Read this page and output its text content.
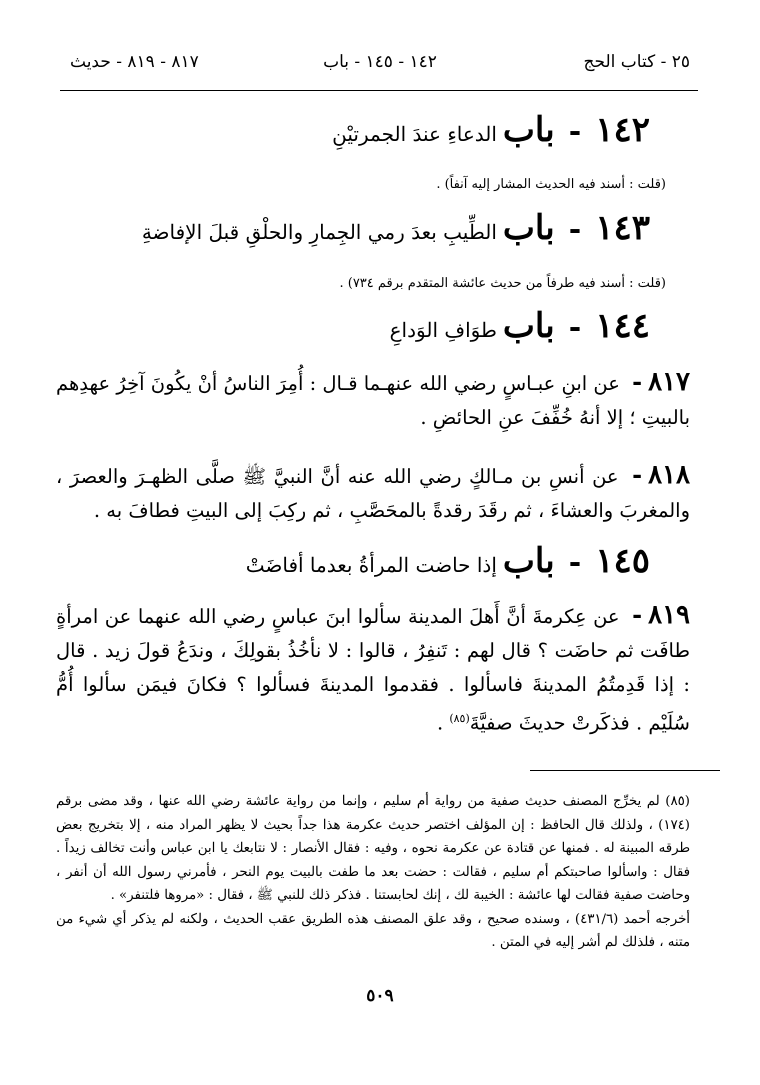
٢٥ - كتاب الحج
١٤٢ - ١٤٥ - باب
٨١٧ - ٨١٩ - حديث
١٤٢
-
باب
الدعاءِ عندَ الجمرتيْنِ
(قلت : أسند فيه الحديث المشار إليه آنفاً) .
١٤٣
-
باب
الطِّيبِ بعدَ رمي الجِمارِ والحلْقِ قبلَ الإفاضةِ
(قلت : أسند فيه طرفاً من حديث عائشة المتقدم برقم ٧٣٤) .
١٤٤
-
باب
طوَافِ الوَداعِ
٨١٧- عن ابنِ عبـاسٍ رضي الله عنهـما قـال : أُمِرَ الناسُ أنْ يكُونَ آخِرُ عهدِهم بالبيتِ ؛ إلا أنهُ خُفِّفَ عنِ الحائضِ .
٨١٨- عن أنسِ بن مـالكٍ رضي الله عنه أنَّ النبيَّ ﷺ صلَّى الظهـرَ والعصرَ ، والمغربَ والعشاءَ ، ثم رقَدَ رقدةً بالمحَصَّبِ ، ثم ركِبَ إلى البيتِ فطافَ به .
١٤٥
-
باب
إذا حاضت المرأةُ بعدما أفاضَتْ
٨١٩- عن عِكرمةَ أنَّ أَهلَ المدينة سألوا ابنَ عباسٍ رضي الله عنهما عن امرأةٍ طافَت ثم حاضَت ؟ قال لهم : تَنفِرُ ، قالوا : لا نأخُذُ بقولِكَ ، وندَعُ قولَ زيد . قال : إذا قَدِمتُمُ المدينةَ فاسألوا . فقدموا المدينةَ فسألوا ؟ فكانَ فيمَن سألوا أُمُّ سُلَيْم . فذكَرتْ حديثَ صفيَّةَ$^{(٨٥)}$ .

(٨٥) لم يخرِّج المصنف حديث صفية من رواية أم سليم ، وإنما من رواية عائشة رضي الله عنها ، وقد مضى برقم (١٧٤) ، ولذلك قال الحافظ : إن المؤلف اختصر حديث عكرمة هذا جداً بحيث لا يظهر المراد منه ، إلا بتخريج بعض طرقه المبينة له . فمنها عن قتادة عن عكرمة نحوه ، وفيه : فقال الأنصار : لا نتابعك يا ابن عباس وأنت تخالف زيداً . فقال : واسألوا صاحبتكم أم سليم ، فقالت : حضت بعد ما طفت بالبيت يوم النحر ، فأمرني رسول الله أن أنفر ، وحاضت صفية فقالت لها عائشة : الخيبة لك ، إنك لحابستنا . فذكر ذلك للنبي ﷺ ، فقال : «مروها فلتنفر» .

أخرجه أحمد (٤٣١/٦) ، وسنده صحيح ، وقد علق المصنف هذه الطريق عقب الحديث ، ولكنه لم يذكر أي شيء من متنه ، فلذلك لم أشر إليه في المتن .

٥٠٩
